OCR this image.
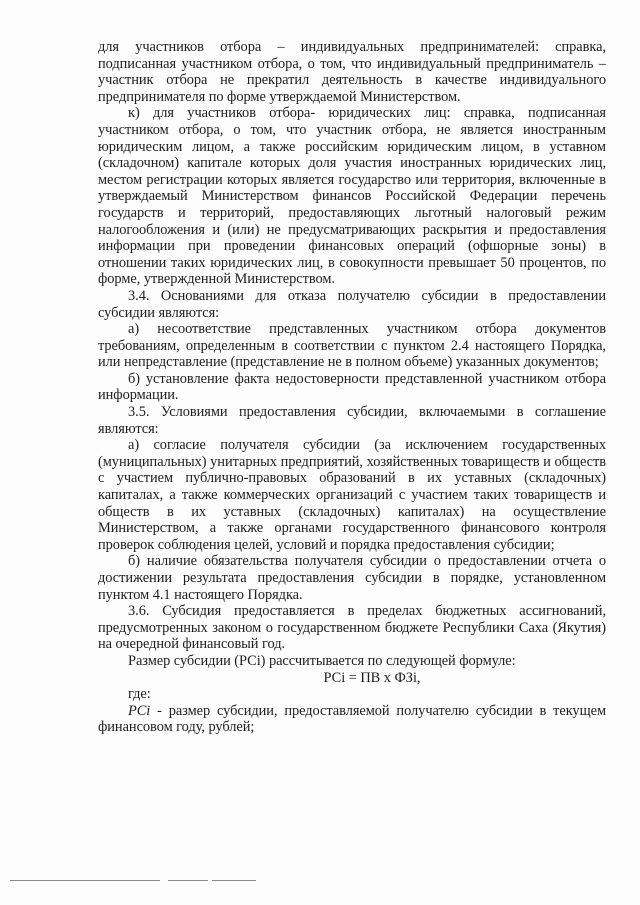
для участников отбора – индивидуальных предпринимателей: справка, подписанная участником отбора, о том, что индивидуальный предприниматель – участник отбора не прекратил деятельность в качестве индивидуального предпринимателя по форме утверждаемой Министерством.

к) для участников отбора- юридических лиц: справка, подписанная участником отбора, о том, что участник отбора, не является иностранным юридическим лицом, а также российским юридическим лицом, в уставном (складочном) капитале которых доля участия иностранных юридических лиц, местом регистрации которых является государство или территория, включенные в утверждаемый Министерством финансов Российской Федерации перечень государств и территорий, предоставляющих льготный налоговый режим налогообложения и (или) не предусматривающих раскрытия и предоставления информации при проведении финансовых операций (офшорные зоны) в отношении таких юридических лиц, в совокупности превышает 50 процентов, по форме, утвержденной Министерством.

3.4. Основаниями для отказа получателю субсидии в предоставлении субсидии являются:

а) несоответствие представленных участником отбора документов требованиям, определенным в соответствии с пунктом 2.4 настоящего Порядка, или непредставление (представление не в полном объеме) указанных документов;

б) установление факта недостоверности представленной участником отбора информации.

3.5. Условиями предоставления субсидии, включаемыми в соглашение являются:

а) согласие получателя субсидии (за исключением государственных (муниципальных) унитарных предприятий, хозяйственных товариществ и обществ с участием публично-правовых образований в их уставных (складочных) капиталах, а также коммерческих организаций с участием таких товариществ и обществ в их уставных (складочных) капиталах) на осуществление Министерством, а также органами государственного финансового контроля проверок соблюдения целей, условий и порядка предоставления субсидии;

б) наличие обязательства получателя субсидии о предоставлении отчета о достижении результата предоставления субсидии в порядке, установленном пунктом 4.1 настоящего Порядка.

3.6. Субсидия предоставляется в пределах бюджетных ассигнований, предусмотренных законом о государственном бюджете Республики Саха (Якутия) на очередной финансовый год.

Размер субсидии (РСi) рассчитывается по следующей формуле:

РСi = ПВ х ФЗi,

где:

PCi - размер субсидии, предоставляемой получателю субсидии в текущем финансовом году, рублей;
